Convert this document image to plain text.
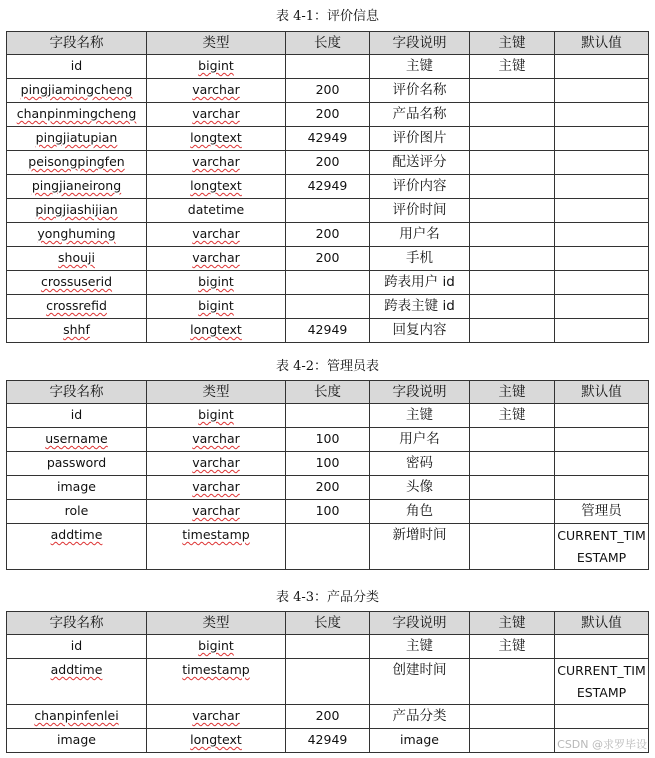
表 4-1：评价信息
字段名称	类型	长度	字段说明	主键	默认值
id	bigint		主键	主键	
pingjiamingcheng	varchar	200	评价名称		
chanpinmingcheng	varchar	200	产品名称		
pingjiatupian	longtext	42949	评价图片		
peisongpingfen	varchar	200	配送评分		
pingjianeirong	longtext	42949	评价内容		
pingjiashijian	datetime		评价时间		
yonghuming	varchar	200	用户名		
shouji	varchar	200	手机		
crossuserid	bigint		跨表用户 id		
crossrefid	bigint		跨表主键 id		
shhf	longtext	42949	回复内容		
表 4-2：管理员表
字段名称	类型	长度	字段说明	主键	默认值
id	bigint		主键	主键	
username	varchar	100	用户名		
password	varchar	100	密码		
image	varchar	200	头像		
role	varchar	100	角色		管理员
addtime	timestamp		新增时间		CURRENT_TIMESTAMP
表 4-3：产品分类
字段名称	类型	长度	字段说明	主键	默认值
id	bigint		主键	主键	
addtime	timestamp		创建时间		CURRENT_TIMESTAMP
chanpinfenlei	varchar	200	产品分类		
image	longtext	42949	image			CSDN @求罗毕设
